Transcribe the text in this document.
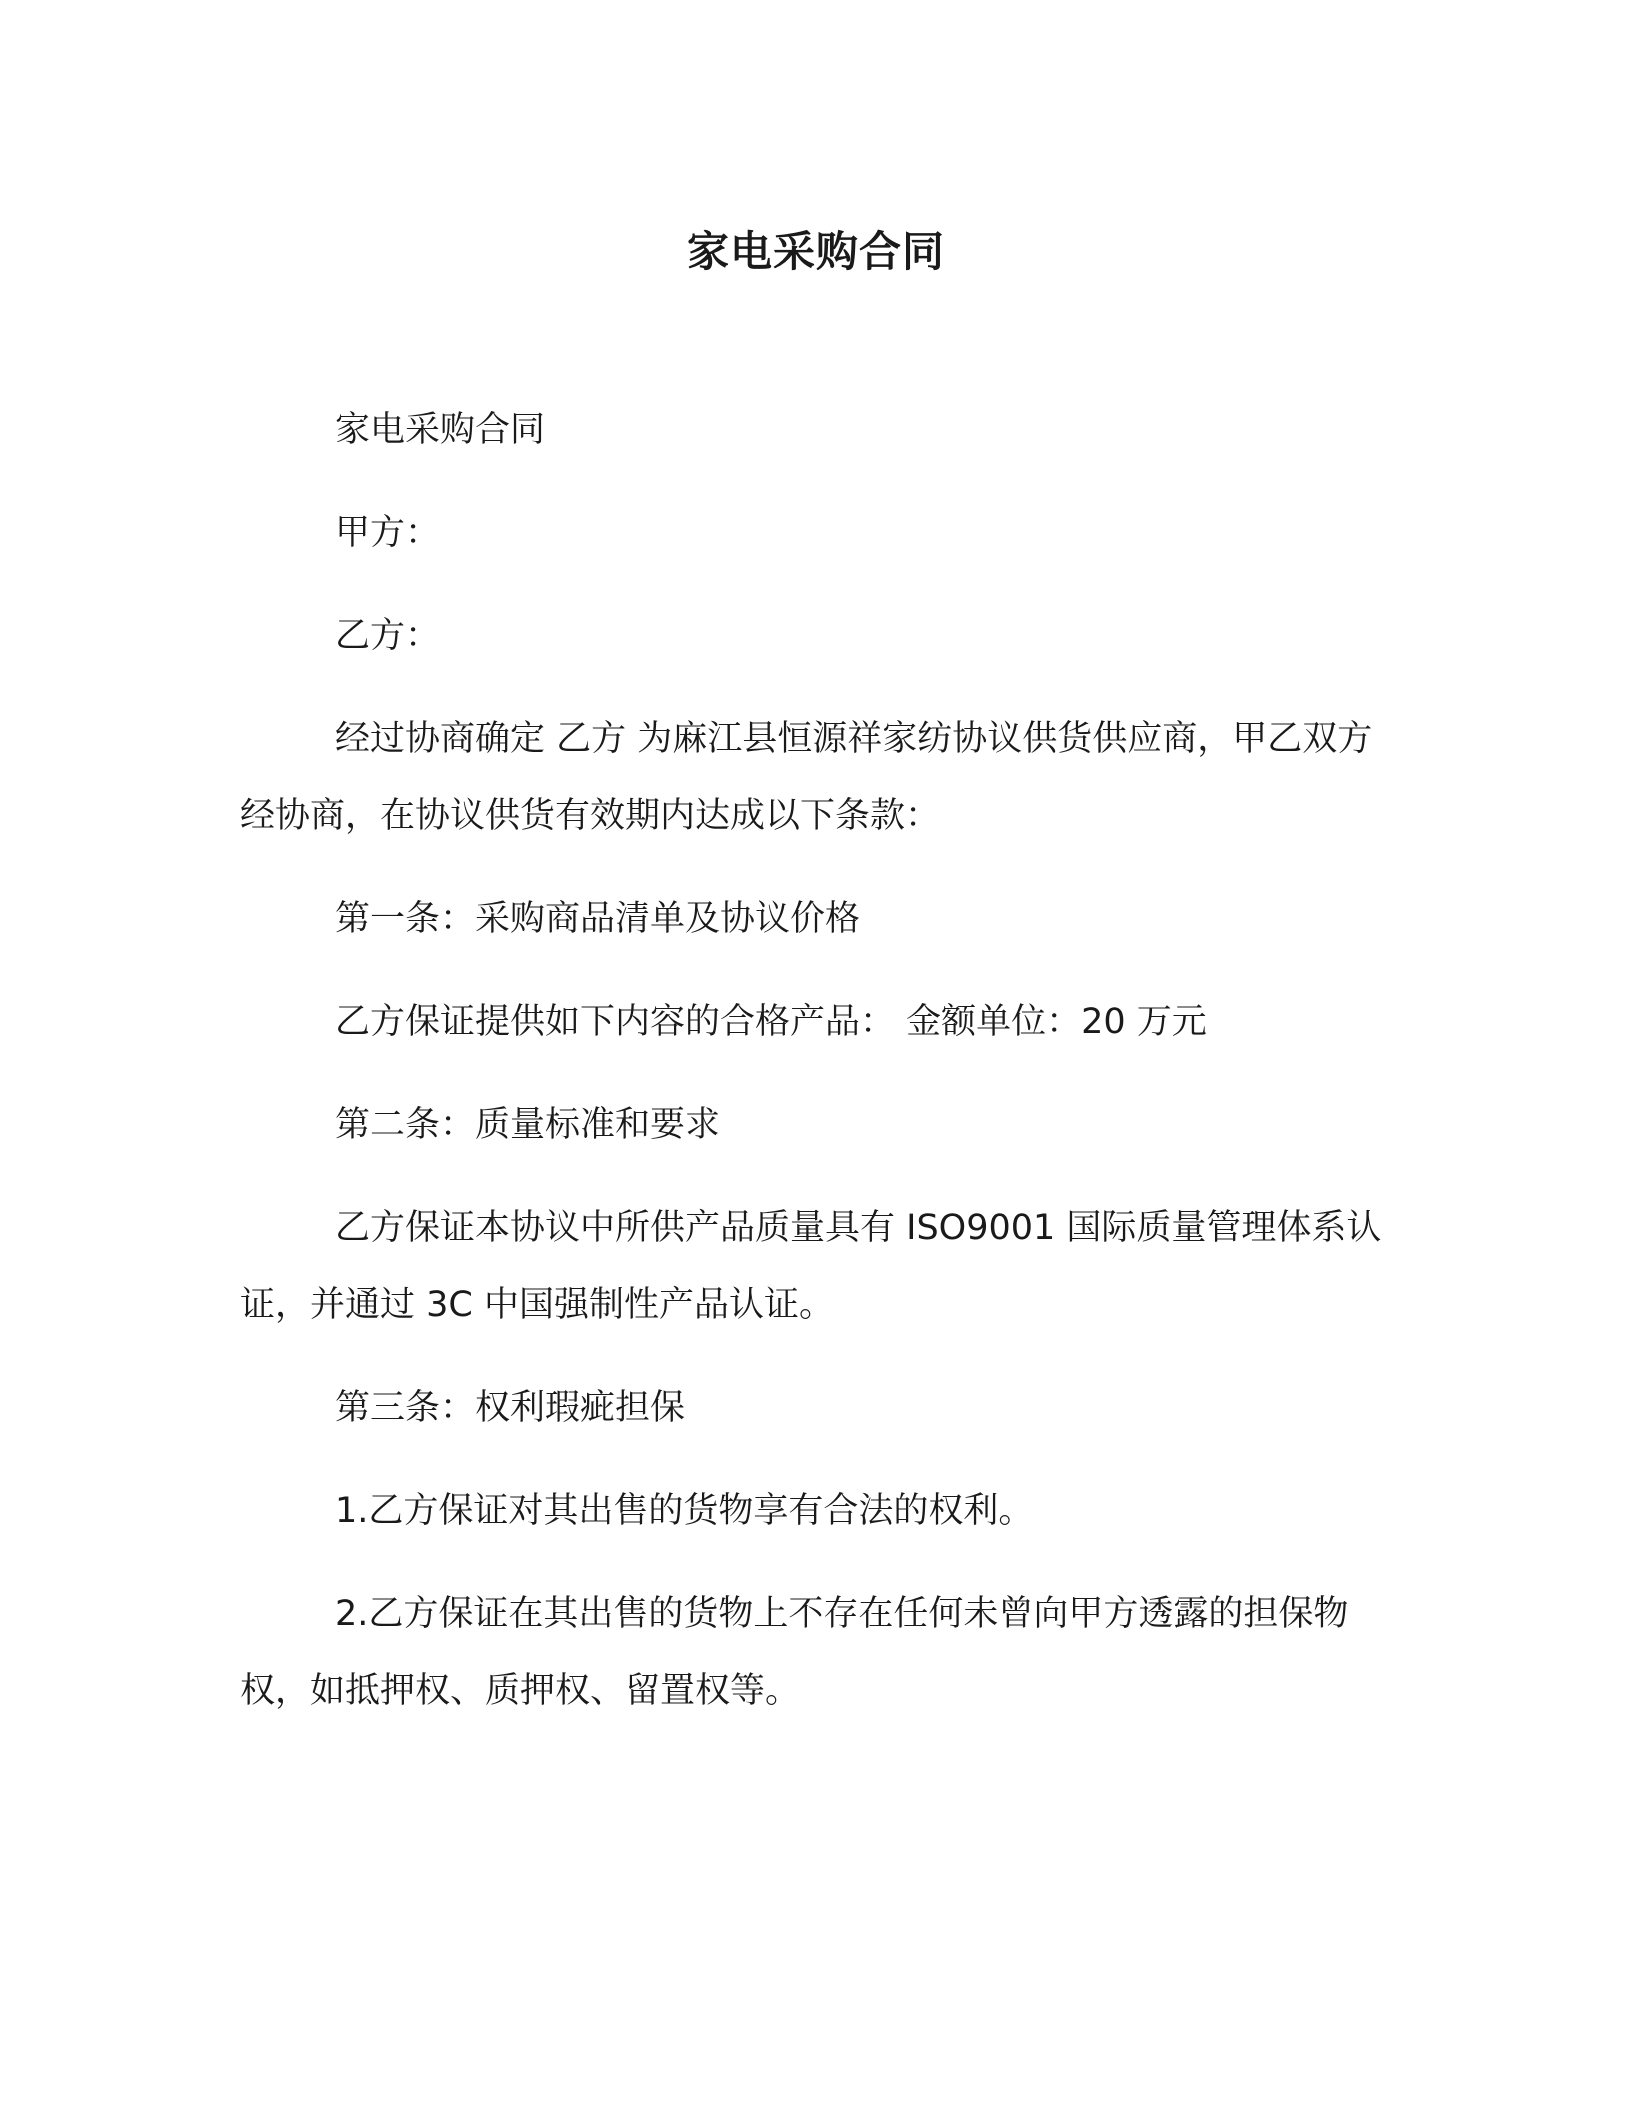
家电采购合同

家电采购合同

甲方：

乙方：

经过协商确定 乙方 为麻江县恒源祥家纺协议供货供应商，甲乙双方经协商，在协议供货有效期内达成以下条款：

第一条：采购商品清单及协议价格

乙方保证提供如下内容的合格产品： 金额单位：20 万元

第二条：质量标准和要求

乙方保证本协议中所供产品质量具有 ISO9001 国际质量管理体系认证，并通过 3C 中国强制性产品认证。

第三条：权利瑕疵担保

1.乙方保证对其出售的货物享有合法的权利。

2.乙方保证在其出售的货物上不存在任何未曾向甲方透露的担保物权，如抵押权、质押权、留置权等。
